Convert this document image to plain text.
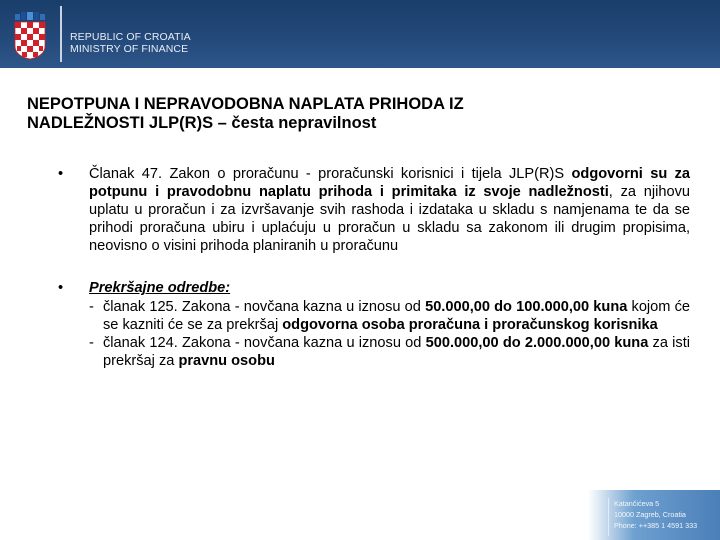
REPUBLIC OF CROATIA
MINISTRY OF FINANCE
NEPOTPUNA I NEPRAVODOBNA NAPLATA PRIHODA IZ
NADLEŽNOSTI JLP(R)S – česta nepravilnost
• Članak 47. Zakon o proračunu - proračunski korisnici i tijela JLP(R)S odgovorni su za potpunu i pravodobnu naplatu prihoda i primitaka iz svoje nadležnosti, za njihovu uplatu u proračun i za izvršavanje svih rashoda i izdataka u skladu s namjenama te da se prihodi proračuna ubiru i uplaćuju u proračun u skladu sa zakonom ili drugim propisima, neovisno o visini prihoda planiranih u proračunu
• Prekršajne odredbe:
- članak 125. Zakona - novčana kazna u iznosu od 50.000,00 do 100.000,00 kuna kojom će se kazniti će se za prekršaj odgovorna osoba proračuna i proračunskog korisnika
- članak 124. Zakona - novčana kazna u iznosu od 500.000,00 do 2.000.000,00 kuna za isti prekršaj za pravnu osobu
Katančićeva 5
10000 Zagreb, Croatia
Phone: ++385 1 4591 333
